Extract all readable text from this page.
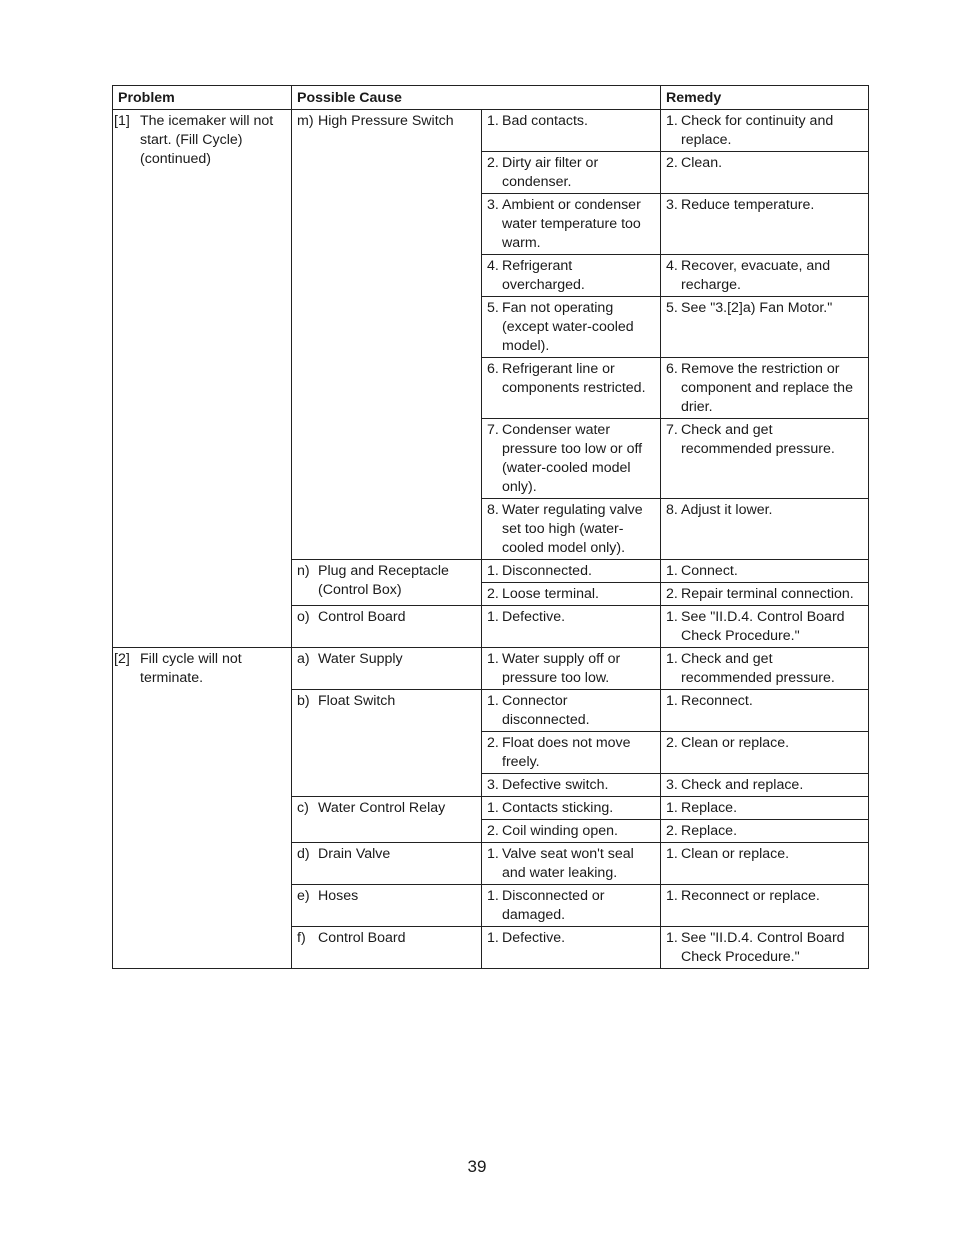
Problem	Possible Cause		Remedy

[1] The icemaker will not start. (Fill Cycle) (continued)	m) High Pressure Switch	1. Bad contacts.	1. Check for continuity and replace.

		2. Dirty air filter or condenser.	2. Clean.

		3. Ambient or condenser water temperature too warm.	3. Reduce temperature.

		4. Refrigerant overcharged.	4. Recover, evacuate, and recharge.

		5. Fan not operating (except water-cooled model).	5. See "3.[2]a) Fan Motor."

		6. Refrigerant line or components restricted.	6. Remove the restriction or component and replace the drier.

		7. Condenser water pressure too low or off (water-cooled model only).	7. Check and get recommended pressure.

		8. Water regulating valve set too high (water-cooled model only).	8. Adjust it lower.

	n) Plug and Receptacle (Control Box)	1. Disconnected.	1. Connect.

		2. Loose terminal.	2. Repair terminal connection.

	o) Control Board	1. Defective.	1. See "II.D.4. Control Board Check Procedure."

[2] Fill cycle will not terminate.	a) Water Supply	1. Water supply off or pressure too low.	1. Check and get recommended pressure.

	b) Float Switch	1. Connector disconnected.	1. Reconnect.

		2. Float does not move freely.	2. Clean or replace.

		3. Defective switch.	3. Check and replace.

	c) Water Control Relay	1. Contacts sticking.	1. Replace.

		2. Coil winding open.	2. Replace.

	d) Drain Valve	1. Valve seat won't seal and water leaking.	1. Clean or replace.

	e) Hoses	1. Disconnected or damaged.	1. Reconnect or replace.

	f) Control Board	1. Defective.	1. See "II.D.4. Control Board Check Procedure."
39
